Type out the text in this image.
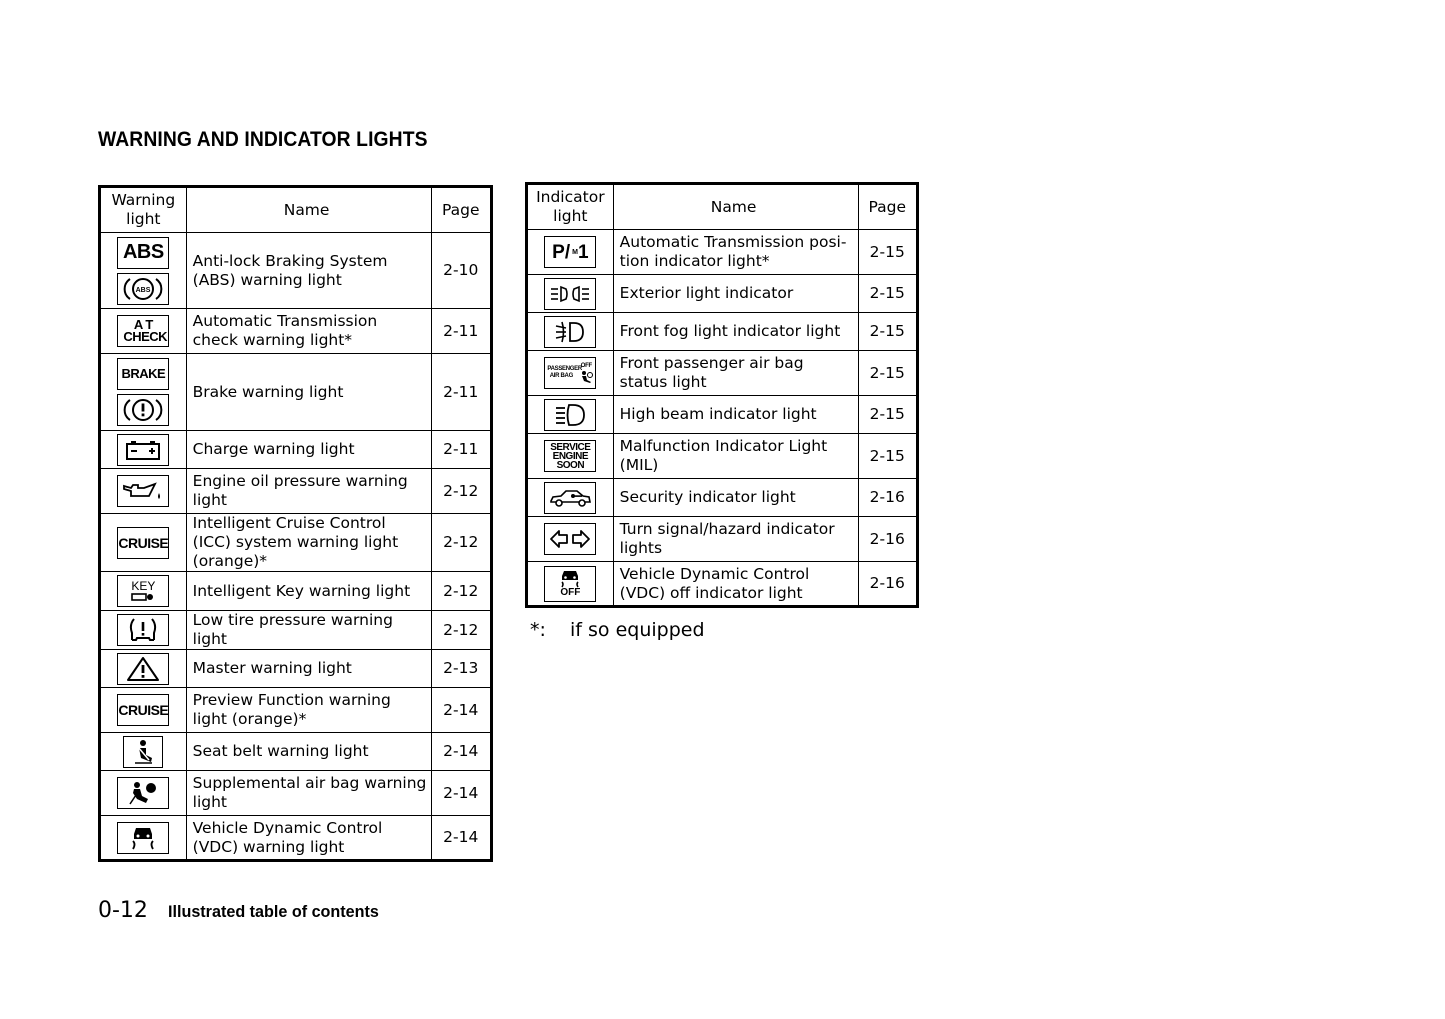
WARNING AND INDICATOR LIGHTS
Warning light	Name	Page

ABS
ABS	Anti-lock Braking System (ABS) warning light	2-10

A T CHECK	Automatic Transmission check warning light*	2-11

BRAKE	Brake warning light	2-11

	Charge warning light	2-11

	Engine oil pressure warning light	2-12

CRUISE	Intelligent Cruise Control (ICC) system warning light (orange)*	2-12

KEY	Intelligent Key warning light	2-12

	Low tire pressure warning light	2-12

	Master warning light	2-13

CRUISE	Preview Function warning light (orange)*	2-14

	Seat belt warning light	2-14

	Supplemental air bag warning light	2-14

	Vehicle Dynamic Control (VDC) warning light	2-14
Indicator light	Name	Page

P/ M 1	Automatic Transmission posi-tion indicator light*	2-15

	Exterior light indicator	2-15

	Front fog light indicator light	2-15

PASSENGER AIR BAG
OFF	Front passenger air bag status light	2-15

	High beam indicator light	2-15

SERVICE
ENGINE
SOON	Malfunction Indicator Light (MIL)	2-15

	Security indicator light	2-16

	Turn signal/hazard indicator lights	2-16

OFF	Vehicle Dynamic Control (VDC) off indicator light	2-16
*: if so equipped
0-12 Illustrated table of contents
